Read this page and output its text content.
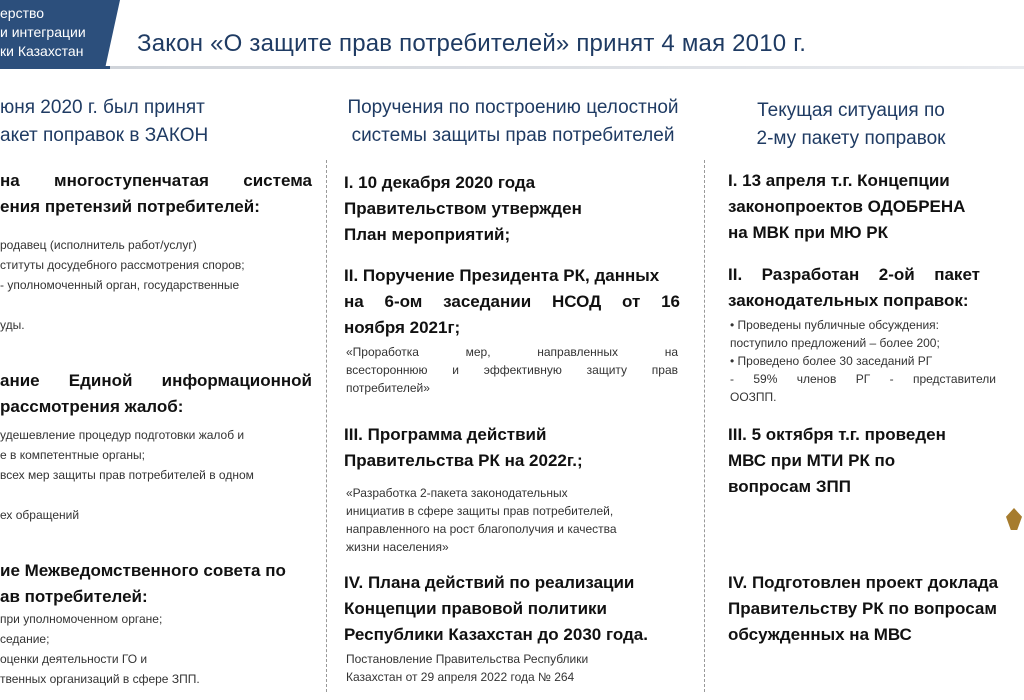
ерство
и интеграции
ки Казахстан Закон «О защите прав потребителей» принят 4 мая 2010 г.
юня 2020 г. был принят
акет поправок в ЗАКОН
Поручения по построению целостной
системы защиты прав потребителей
Текущая ситуация по
2-му пакету поправок
на многоступенчатая система
ения претензий потребителей:
родавец (исполнитель работ/услуг)
ституты досудебного рассмотрения споров;
- уполномоченный орган, государственные
уды.
ание Единой информационной
рассмотрения жалоб:
удешевление процедур подготовки жалоб и
е в компетентные органы;
всех мер защиты прав потребителей в одном
ех обращений
ие Межведомственного совета по
ав потребителей:
при уполномоченном органе;
седание;
оценки деятельности ГО и
твенных организаций в сфере ЗПП.
I. 10 декабря 2020 года
Правительством утвержден
План мероприятий;
II. Поручение Президента РК, данных
на 6-ом заседании НСОД от 16
ноября 2021г;
«Проработка мер, направленных на
всестороннюю и эффективную защиту прав
потребителей»
III. Программа действий
Правительства РК на 2022г.;
«Разработка 2-пакета законодательных
инициатив в сфере защиты прав потребителей,
направленного на рост благополучия и качества
жизни населения»
IV. Плана действий по реализации
Концепции правовой политики
Республики Казахстан до 2030 года.
Постановление Правительства Республики
Казахстан от 29 апреля 2022 года № 264
I. 13 апреля т.г. Концепции
законопроектов ОДОБРЕНА
на МВК при МЮ РК
II. Разработан 2-ой пакет
законодательных поправок:
• Проведены публичные обсуждения:
поступило предложений – более 200;
• Проведено более 30 заседаний РГ
- 59% членов РГ - представители
ООЗПП.
III. 5 октября т.г. проведен
МВС при МТИ РК по
вопросам ЗПП
IV. Подготовлен проект доклада
Правительству РК по вопросам
обсужденных на МВС
